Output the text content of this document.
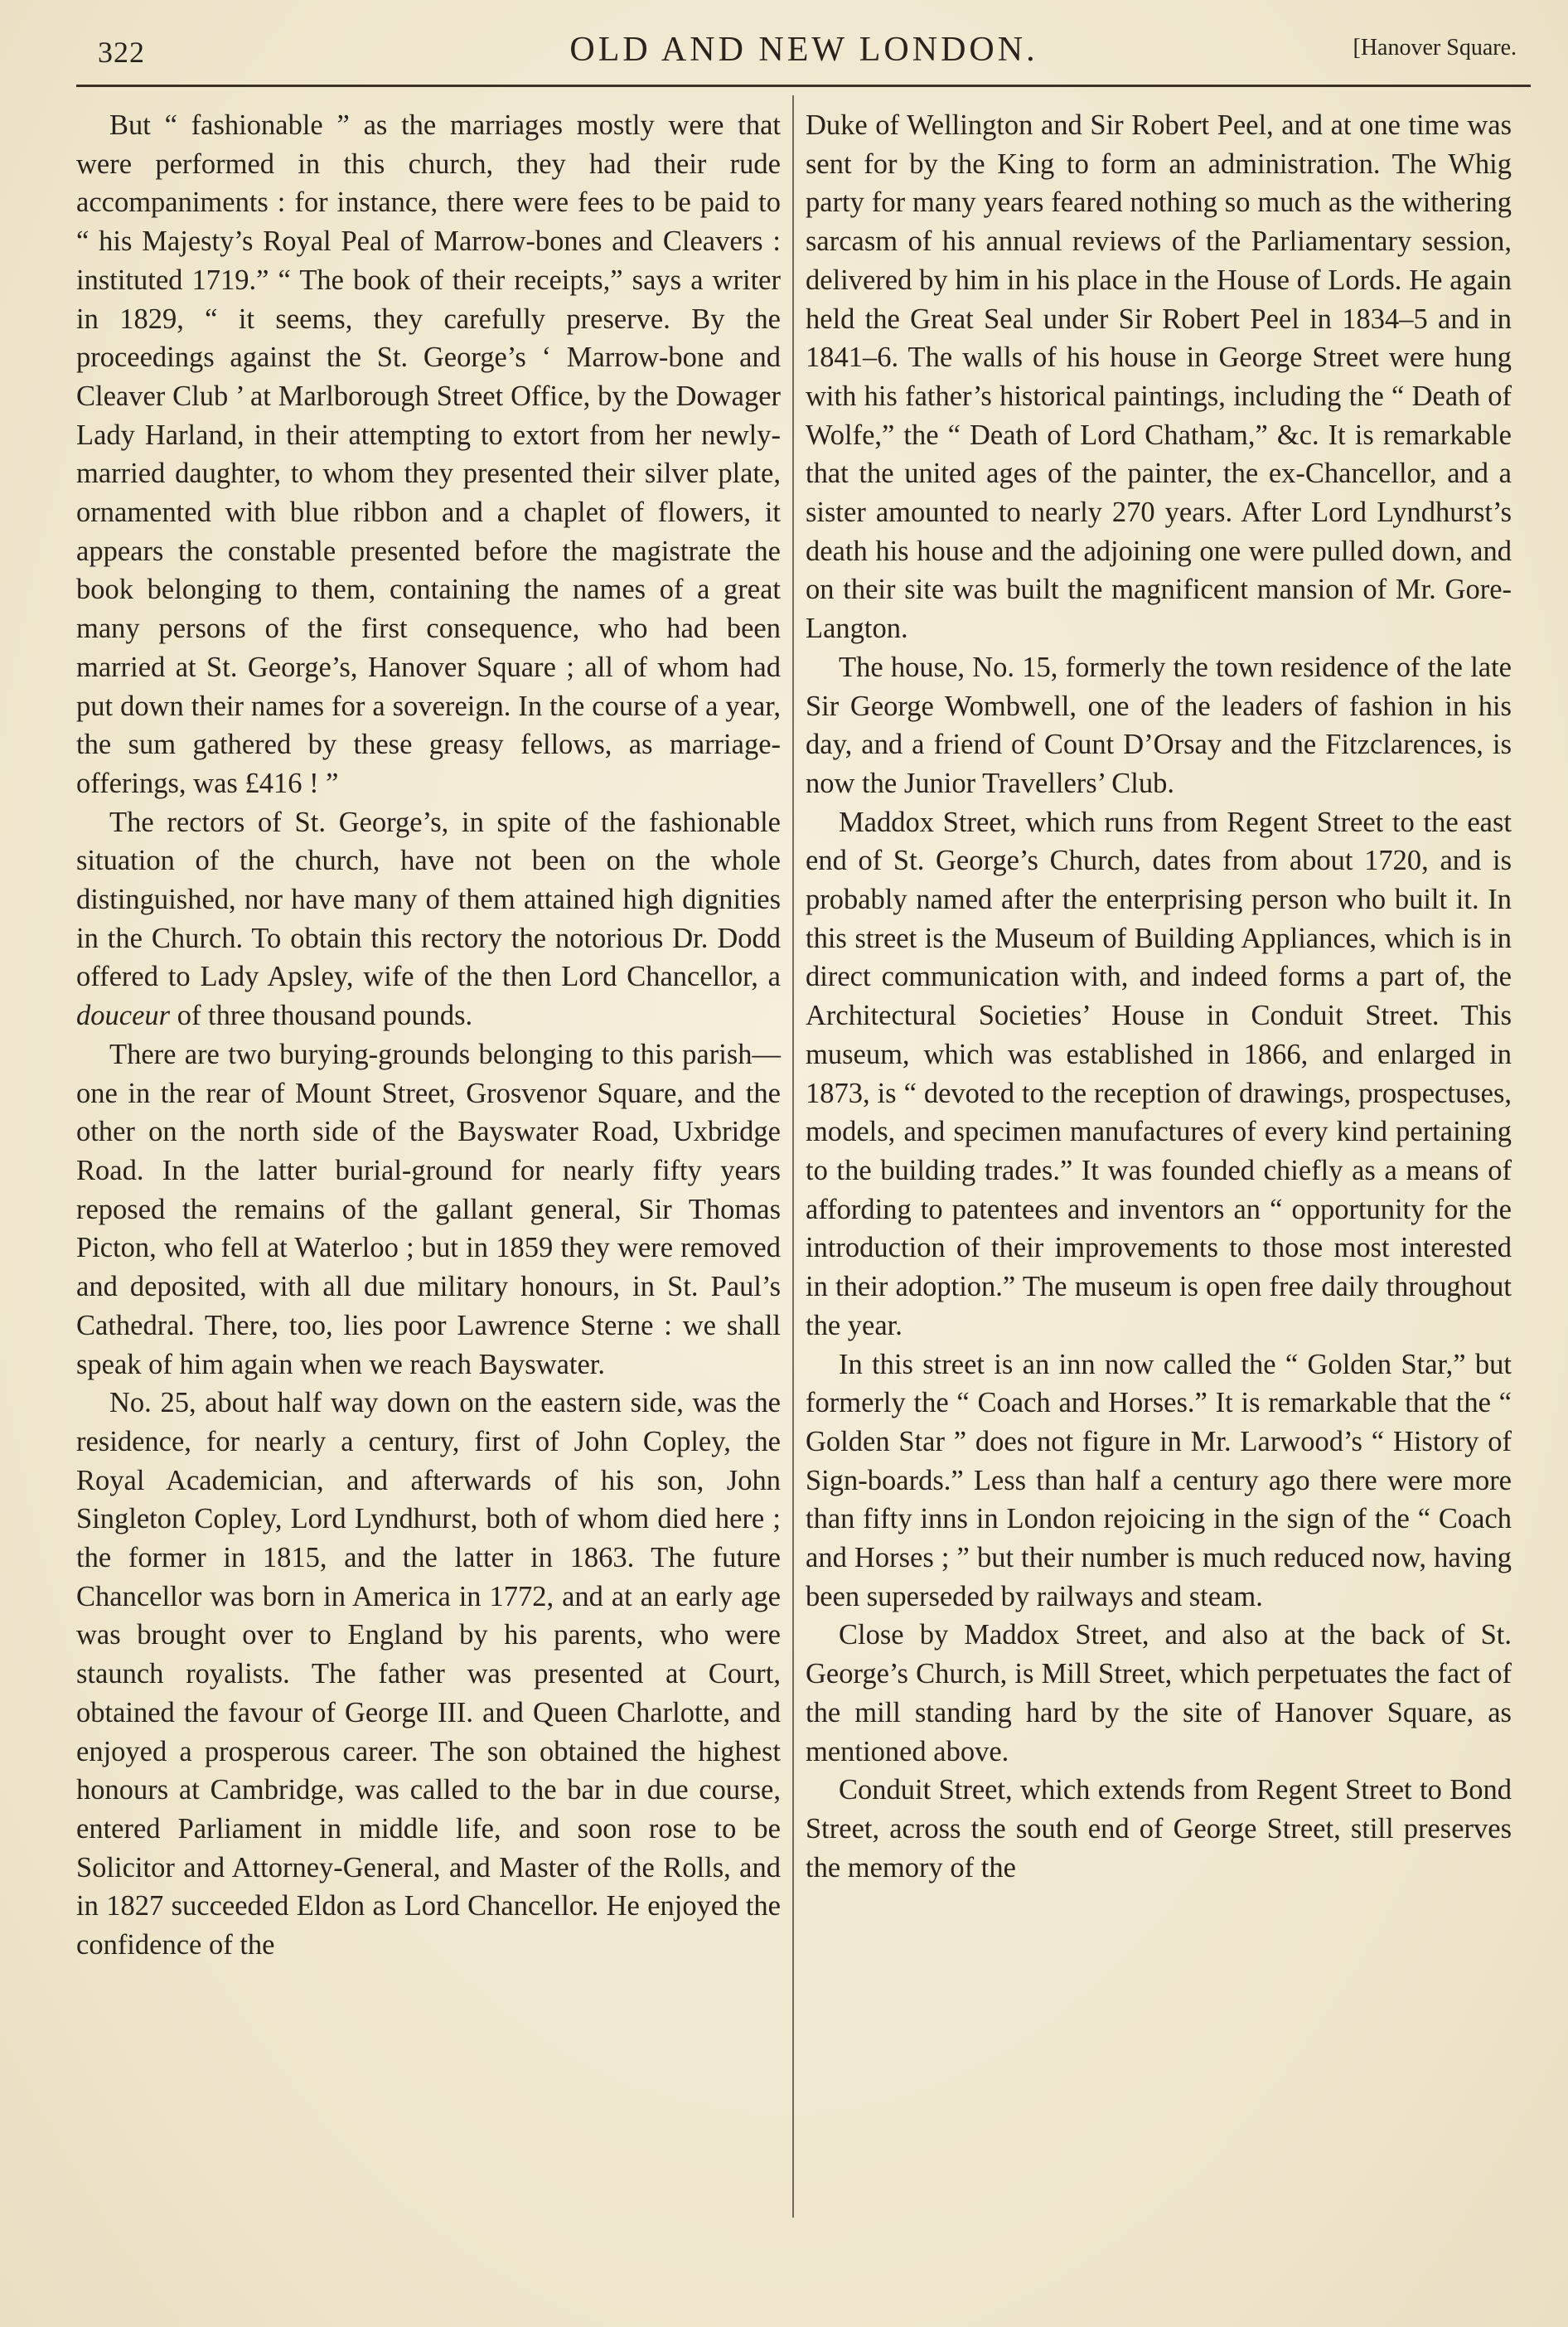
322	OLD AND NEW LONDON.	[Hanover Square.

But “ fashionable ” as the marriages mostly were that were performed in this church, they had their rude accompaniments : for instance, there were fees to be paid to “ his Majesty’s Royal Peal of Marrow-bones and Cleavers : instituted 1719.” “ The book of their receipts,” says a writer in 1829, “ it seems, they carefully preserve. By the proceedings against the St. George’s ‘ Marrow-bone and Cleaver Club ’ at Marlborough Street Office, by the Dowager Lady Harland, in their attempting to extort from her newly-married daughter, to whom they presented their silver plate, ornamented with blue ribbon and a chaplet of flowers, it appears the constable presented before the magistrate the book belonging to them, containing the names of a great many persons of the first consequence, who had been married at St. George’s, Hanover Square ; all of whom had put down their names for a sovereign. In the course of a year, the sum gathered by these greasy fellows, as marriage-offerings, was £416 ! ”

The rectors of St. George’s, in spite of the fashionable situation of the church, have not been on the whole distinguished, nor have many of them attained high dignities in the Church. To obtain this rectory the notorious Dr. Dodd offered to Lady Apsley, wife of the then Lord Chancellor, a douceur of three thousand pounds.

There are two burying-grounds belonging to this parish—one in the rear of Mount Street, Grosvenor Square, and the other on the north side of the Bayswater Road, Uxbridge Road. In the latter burial-ground for nearly fifty years reposed the remains of the gallant general, Sir Thomas Picton, who fell at Waterloo ; but in 1859 they were removed and deposited, with all due military honours, in St. Paul’s Cathedral. There, too, lies poor Lawrence Sterne : we shall speak of him again when we reach Bayswater.

No. 25, about half way down on the eastern side, was the residence, for nearly a century, first of John Copley, the Royal Academician, and afterwards of his son, John Singleton Copley, Lord Lyndhurst, both of whom died here ; the former in 1815, and the latter in 1863. The future Chancellor was born in America in 1772, and at an early age was brought over to England by his parents, who were staunch royalists. The father was presented at Court, obtained the favour of George III. and Queen Charlotte, and enjoyed a prosperous career. The son obtained the highest honours at Cambridge, was called to the bar in due course, entered Parliament in middle life, and soon rose to be Solicitor and Attorney-General, and Master of the Rolls, and in 1827 succeeded Eldon as Lord Chancellor. He enjoyed the confidence of the

Duke of Wellington and Sir Robert Peel, and at one time was sent for by the King to form an administration. The Whig party for many years feared nothing so much as the withering sarcasm of his annual reviews of the Parliamentary session, delivered by him in his place in the House of Lords. He again held the Great Seal under Sir Robert Peel in 1834–5 and in 1841–6. The walls of his house in George Street were hung with his father’s historical paintings, including the “ Death of Wolfe,” the “ Death of Lord Chatham,” &c. It is remarkable that the united ages of the painter, the ex-Chancellor, and a sister amounted to nearly 270 years. After Lord Lyndhurst’s death his house and the adjoining one were pulled down, and on their site was built the magnificent mansion of Mr. Gore-Langton.

The house, No. 15, formerly the town residence of the late Sir George Wombwell, one of the leaders of fashion in his day, and a friend of Count D’Orsay and the Fitzclarences, is now the Junior Travellers’ Club.

Maddox Street, which runs from Regent Street to the east end of St. George’s Church, dates from about 1720, and is probably named after the enterprising person who built it. In this street is the Museum of Building Appliances, which is in direct communication with, and indeed forms a part of, the Architectural Societies’ House in Conduit Street. This museum, which was established in 1866, and enlarged in 1873, is “ devoted to the reception of drawings, prospectuses, models, and specimen manufactures of every kind pertaining to the building trades.” It was founded chiefly as a means of affording to patentees and inventors an “ opportunity for the introduction of their improvements to those most interested in their adoption.” The museum is open free daily throughout the year.

In this street is an inn now called the “ Golden Star,” but formerly the “ Coach and Horses.” It is remarkable that the “ Golden Star ” does not figure in Mr. Larwood’s “ History of Sign-boards.” Less than half a century ago there were more than fifty inns in London rejoicing in the sign of the “ Coach and Horses ; ” but their number is much reduced now, having been superseded by railways and steam.

Close by Maddox Street, and also at the back of St. George’s Church, is Mill Street, which perpetuates the fact of the mill standing hard by the site of Hanover Square, as mentioned above.

Conduit Street, which extends from Regent Street to Bond Street, across the south end of George Street, still preserves the memory of the
